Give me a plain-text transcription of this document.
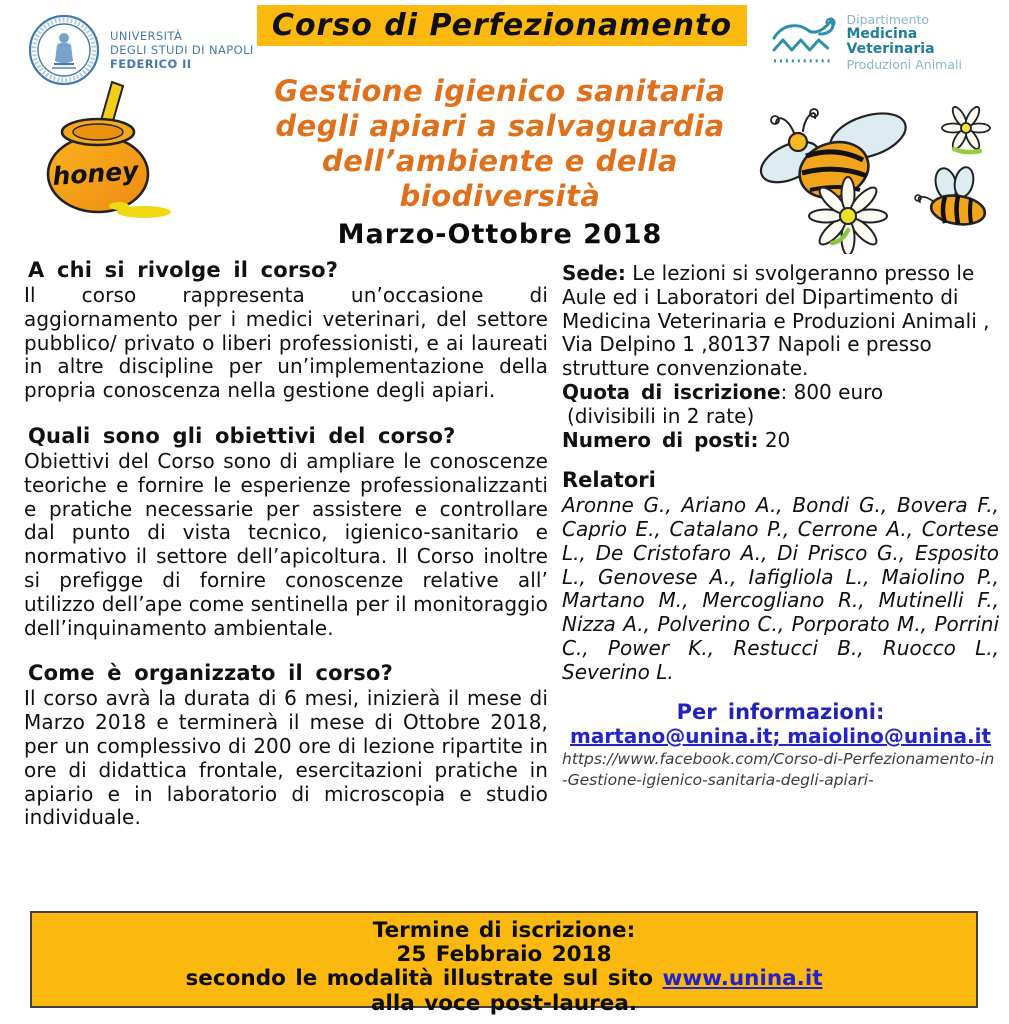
UNIVERSITÀ
DEGLI STUDI DI NAPOLI
FEDERICO II
Corso di Perfezionamento	Dipartimento
Medicina Veterinaria
Produzioni Animali
honey
Gestione igienico sanitaria
degli apiari a salvaguardia
dell’ambiente e della
biodiversità
Marzo-Ottobre 2018
A chi si rivolge il corso?

Il corso rappresenta un’occasione di aggiornamento per i medici veterinari, del settore pubblico/ privato o liberi professionisti, e ai laureati in altre discipline per un’implementazione della propria conoscenza nella gestione degli apiari.

Quali sono gli obiettivi del corso?

Obiettivi del Corso sono di ampliare le conoscenze teoriche e fornire le esperienze professionalizzanti e pratiche necessarie per assistere e controllare dal punto di vista tecnico, igienico-sanitario e normativo il settore dell’apicoltura. Il Corso inoltre si prefigge di fornire conoscenze relative all’ utilizzo dell’ape come sentinella per il monitoraggio dell’inquinamento ambientale.

Come è organizzato il corso?

Il corso avrà la durata di 6 mesi, inizierà il mese di Marzo 2018 e terminerà il mese di Ottobre 2018, per un complessivo di 200 ore di lezione ripartite in ore di didattica frontale, esercitazioni pratiche in apiario e in laboratorio di microscopia e studio individuale.

Sede: Le lezioni si svolgeranno presso le Aule ed i Laboratori del Dipartimento di Medicina Veterinaria e Produzioni Animali , Via Delpino 1 ,80137 Napoli e presso strutture convenzionate.

Quota di iscrizione: 800 euro
(divisibili in 2 rate)

Numero di posti: 20

Relatori

Aronne G., Ariano A., Bondi G., Bovera F., Caprio E., Catalano P., Cerrone A., Cortese L., De Cristofaro A., Di Prisco G., Esposito L., Genovese A., Iafigliola L., Maiolino P., Martano M., Mercogliano R., Mutinelli F., Nizza A., Polverino C., Porporato M., Porrini C., Power K., Restucci B., Ruocco L., Severino L.

Per informazioni:
martano@unina.it; maiolino@unina.it

https://www.facebook.com/Corso-di-Perfezionamento-in-Gestione-igienico-sanitaria-degli-apiari-

Termine di iscrizione:
25 Febbraio 2018
secondo le modalità illustrate sul sito www.unina.it
alla voce post-laurea.
